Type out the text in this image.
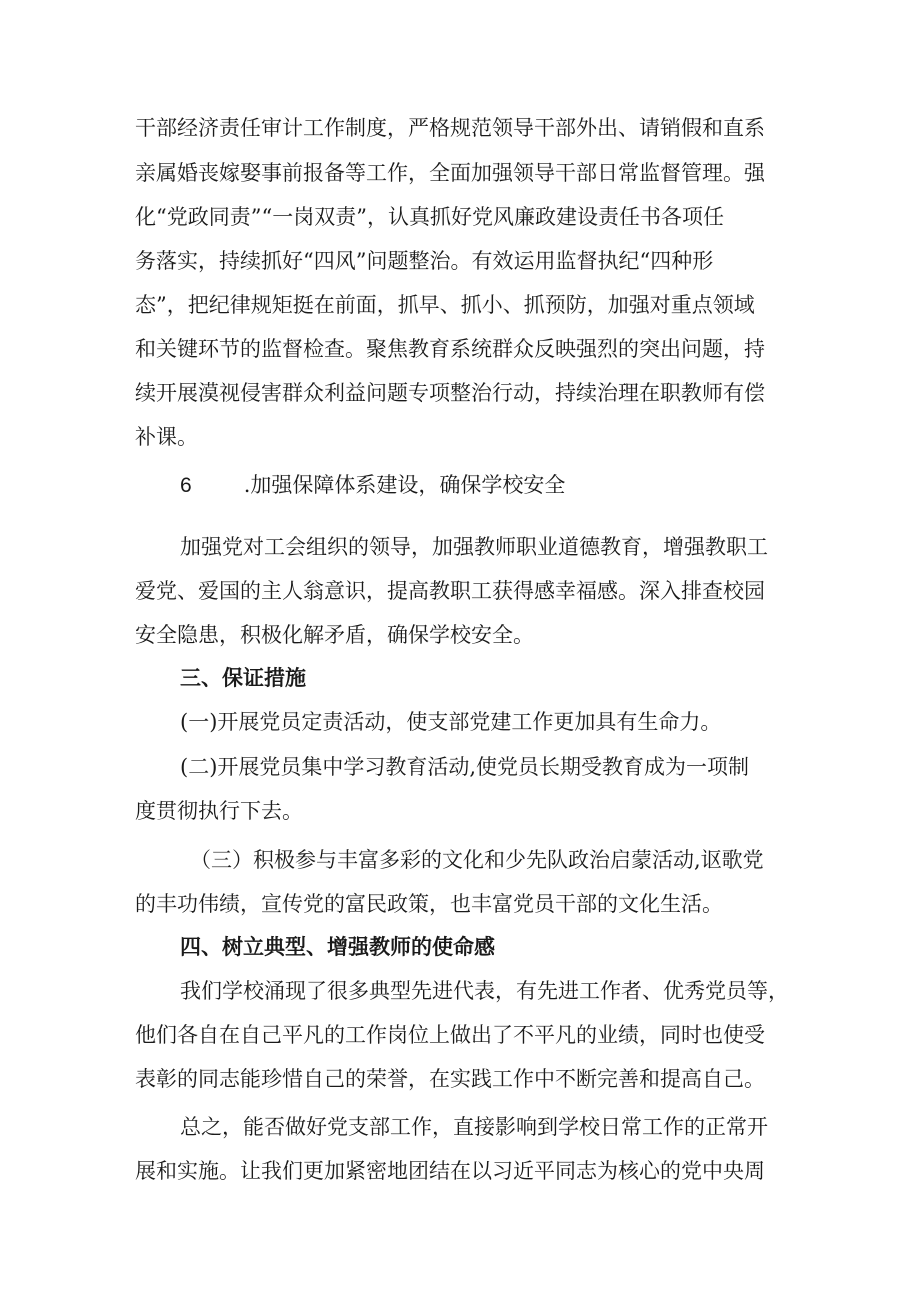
干部经济责任审计工作制度，严格规范领导干部外出、请销假和直系
亲属婚丧嫁娶事前报备等工作，全面加强领导干部日常监督管理。强
化“党政同责”“一岗双责”，认真抓好党风廉政建设责任书各项任
务落实，持续抓好“四风”问题整治。有效运用监督执纪“四种形
态”，把纪律规矩挺在前面，抓早、抓小、抓预防，加强对重点领域
和关键环节的监督检查。聚焦教育系统群众反映强烈的突出问题，持
续开展漠视侵害群众利益问题专项整治行动，持续治理在职教师有偿
补课。
6 .加强保障体系建设，确保学校安全
加强党对工会组织的领导，加强教师职业道德教育，增强教职工
爱党、爱国的主人翁意识，提高教职工获得感幸福感。深入排查校园
安全隐患，积极化解矛盾，确保学校安全。
三、保证措施
(一)开展党员定责活动，使支部党建工作更加具有生命力。
(二)开展党员集中学习教育活动,使党员长期受教育成为一项制
度贯彻执行下去。
（三）积极参与丰富多彩的文化和少先队政治启蒙活动,讴歌党
的丰功伟绩，宣传党的富民政策，也丰富党员干部的文化生活。
四、树立典型、增强教师的使命感
我们学校涌现了很多典型先进代表，有先进工作者、优秀党员等，
他们各自在自己平凡的工作岗位上做出了不平凡的业绩，同时也使受
表彰的同志能珍惜自己的荣誉，在实践工作中不断完善和提高自己。
总之，能否做好党支部工作，直接影响到学校日常工作的正常开
展和实施。让我们更加紧密地团结在以习近平同志为核心的党中央周
